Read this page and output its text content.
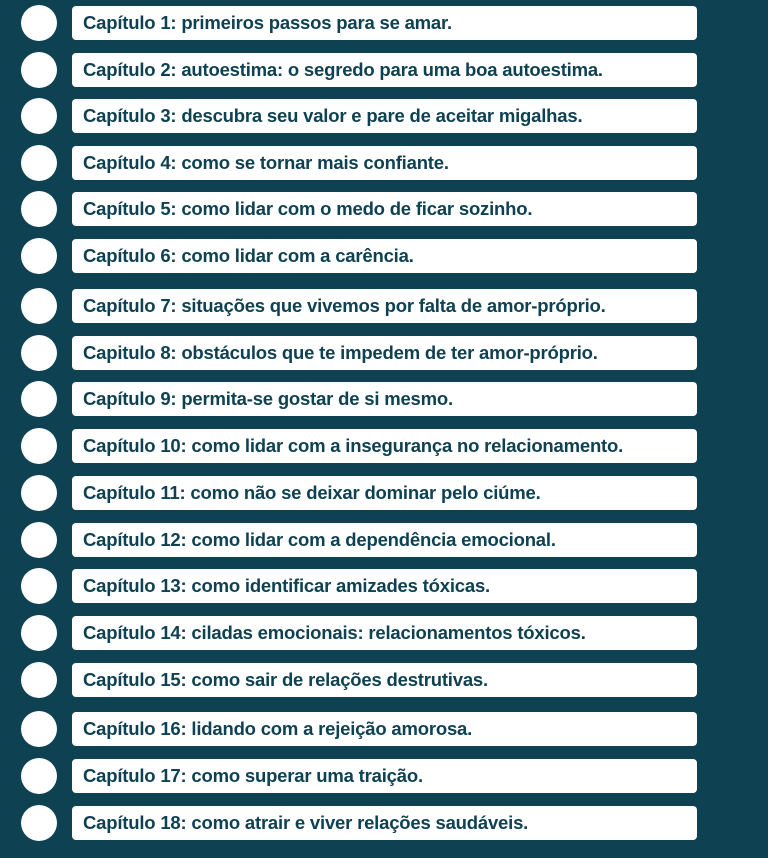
Capítulo 1: primeiros passos para se amar.
Capítulo 2: autoestima: o segredo para uma boa autoestima.
Capítulo 3: descubra seu valor e pare de aceitar migalhas.
Capítulo 4: como se tornar mais confiante.
Capítulo 5: como lidar com o medo de ficar sozinho.
Capítulo 6: como lidar com a carência.
Capítulo 7: situações que vivemos por falta de amor-próprio.
Capitulo 8: obstáculos que te impedem de ter amor-próprio.
Capítulo 9: permita-se gostar de si mesmo.
Capítulo 10: como lidar com a insegurança no relacionamento.
Capítulo 11: como não se deixar dominar pelo ciúme.
Capítulo 12: como lidar com a dependência emocional.
Capítulo 13: como identificar amizades tóxicas.
Capítulo 14: ciladas emocionais: relacionamentos tóxicos.
Capítulo 15: como sair de relações destrutivas.
Capítulo 16: lidando com a rejeição amorosa.
Capítulo 17: como superar uma traição.
Capítulo 18: como atrair e viver relações saudáveis.
